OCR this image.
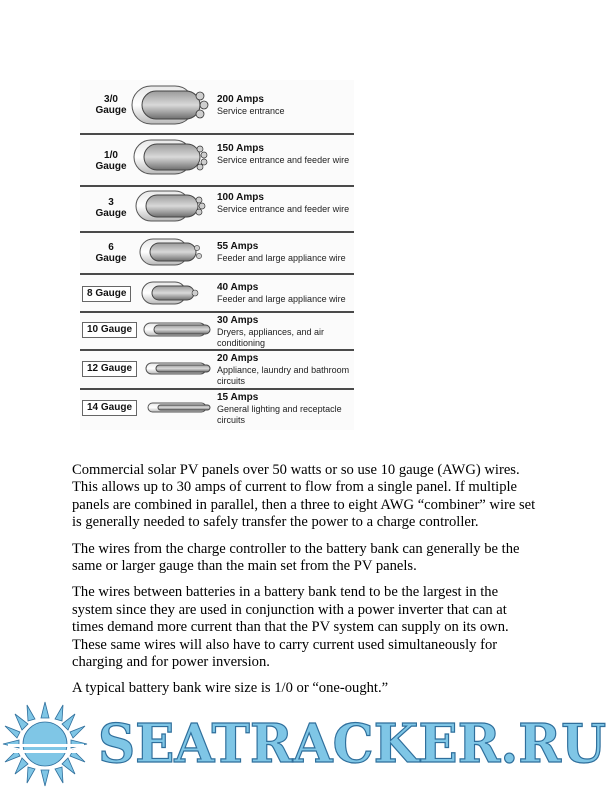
3/0 Gauge
200 Amps
Service entrance
1/0 Gauge
150 Amps
Service entrance and feeder wire
3 Gauge
100 Amps
Service entrance and feeder wire
6 Gauge
55 Amps
Feeder and large appliance wire
8 Gauge
40 Amps
Feeder and large appliance wire
10 Gauge
30 Amps
Dryers, appliances, and air conditioning
12 Gauge
20 Amps
Appliance, laundry and bathroom circuits
14 Gauge
15 Amps
General lighting and receptacle circuits

Commercial solar PV panels over 50 watts or so use 10 gauge (AWG) wires. This allows up to 30 amps of current to flow from a single panel. If multiple panels are combined in parallel, then a three to eight AWG “combiner” wire set is generally needed to safely transfer the power to a charge controller.

The wires from the charge controller to the battery bank can generally be the same or larger gauge than the main set from the PV panels.

The wires between batteries in a battery bank tend to be the largest in the system since they are used in conjunction with a power inverter that can at times demand more current than that the PV system can supply on its own. These same wires will also have to carry current used simultaneously for charging and for power inversion.

A typical battery bank wire size is 1/0 or “one-ought.”

SEATRACKER.RU
